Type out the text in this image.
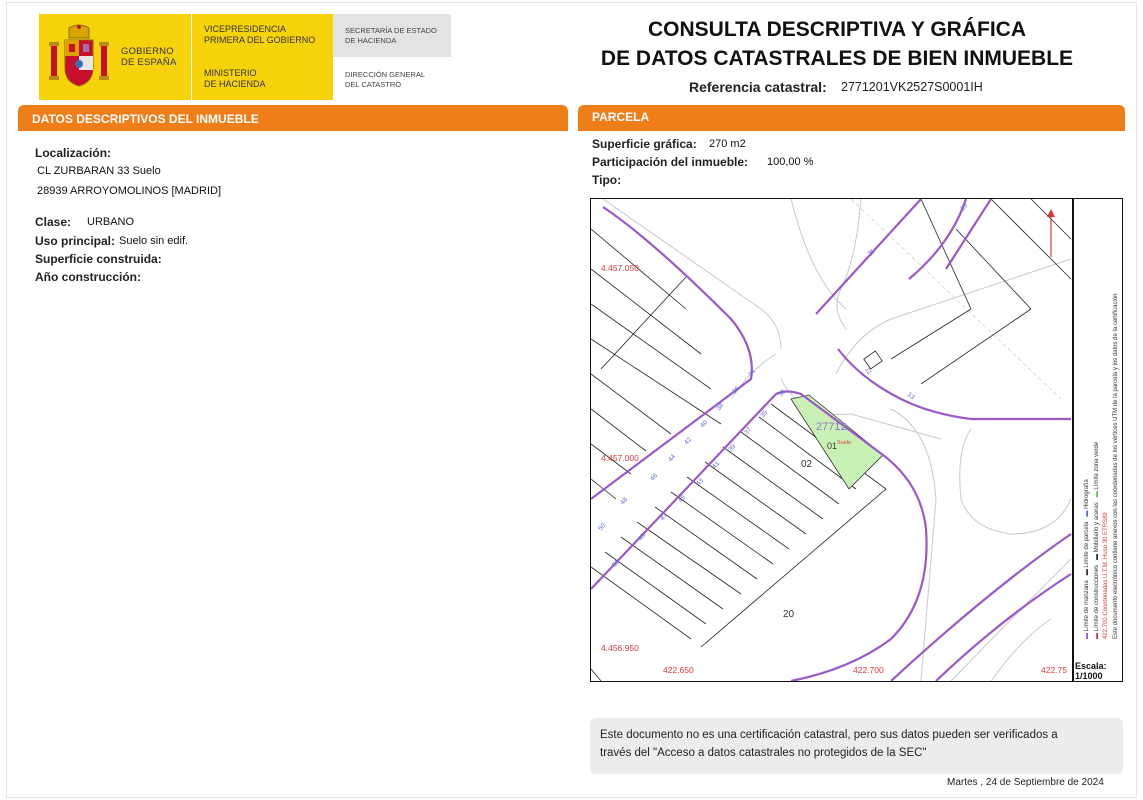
GOBIERNO
DE ESPAÑA
VICEPRESIDENCIA
PRIMERA DEL GOBIERNO
MINISTERIO
DE HACIENDA
SECRETARÍA DE ESTADO
DE HACIENDA
DIRECCIÓN GENERAL
DEL CATASTRO
CONSULTA DESCRIPTIVA Y GRÁFICA
DE DATOS CATASTRALES DE BIEN INMUEBLE
Referencia catastral: 2771201VK2527S0001IH
DATOS DESCRIPTIVOS DEL INMUEBLE
Localización:
CL ZURBARAN 33 Suelo
28939 ARROYOMOLINOS [MADRID]
Clase: URBANO
Uso principal: Suelo sin edif.
Superficie construida:
Año construcción:
PARCELA
Superficie gráfica: 270 m2
Participación del inmueble: 100,00 %
Tipo:
4.457.050
4.457.000
4.456.950
422.650	422.700	422.75
27712
01 Suelo
02
20
34
36
38
40
42
44
46
48
50
35
37
39
41
43
45
47
49
51
33
29
31
11
13
▬ Límite de manzana   ▬ Límite de parcela   ▬ Hidrografía
▬ Límite de construcciones   ▬ Mobiliario y aceras   ▬ Límite zona verde
422.700 Coordenadas U.T.M. Huso 30 ETRS89 Este documento electrónico contiene anexos con las coordenadas de los vértices UTM de la parcela y los datos de la certificación
Escala:
1/1000
Este documento no es una certificación catastral, pero sus datos pueden ser verificados a
través del "Acceso a datos catastrales no protegidos de la SEC"
Martes , 24 de Septiembre de 2024
